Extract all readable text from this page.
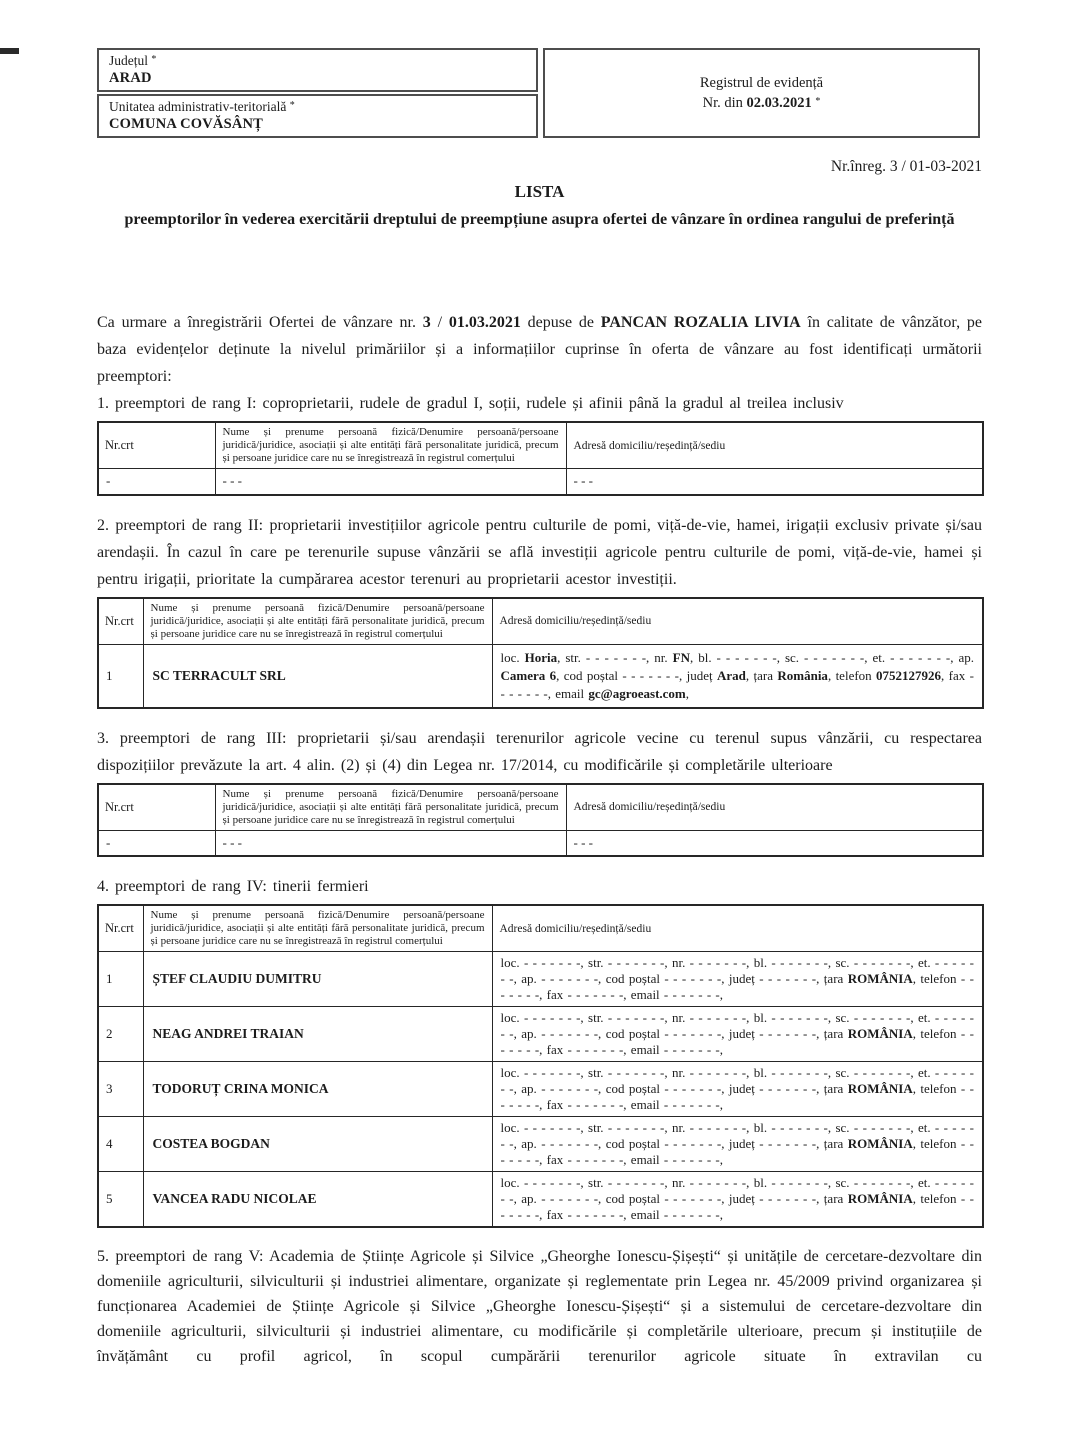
Județul *
ARAD
Unitatea administrativ-teritorială *
COMUNA COVĂSÂNȚ
Registrul de evidență
Nr. din 02.03.2021 *
Nr.înreg. 3 / 01-03-2021
LISTA
preemptorilor în vederea exercitării dreptului de preempțiune asupra ofertei de vânzare în ordinea rangului de preferință

Ca urmare a înregistrării Ofertei de vânzare nr. 3 / 01.03.2021 depuse de PANCAN ROZALIA LIVIA în calitate de vânzător, pe baza evidențelor deținute la nivelul primăriilor și a informațiilor cuprinse în oferta de vânzare au fost identificați următorii preemptori:

1. preemptori de rang I: coproprietarii, rudele de gradul I, soții, rudele și afinii până la gradul al treilea inclusiv

Nr.crt	Nume și prenume persoană fizică/Denumire persoană/persoane juridică/juridice, asociații și alte entități fără personalitate juridică, precum și persoane juridice care nu se înregistrează în registrul comerțului	Adresă domiciliu/reședință/sediu
-	- - -	- - -

2. preemptori de rang II: proprietarii investițiilor agricole pentru culturile de pomi, viță-de-vie, hamei, irigații exclusiv private și/sau arendașii. În cazul în care pe terenurile supuse vânzării se află investiții agricole pentru culturile de pomi, viță-de-vie, hamei și pentru irigații, prioritate la cumpărarea acestor terenuri au proprietarii acestor investiții.

Nr.crt	Nume și prenume persoană fizică/Denumire persoană/persoane juridică/juridice, asociații și alte entități fără personalitate juridică, precum și persoane juridice care nu se înregistrează în registrul comerțului	Adresă domiciliu/reședință/sediu
1	SC TERRACULT SRL	loc. Horia, str. - - - - - - -, nr. FN, bl. - - - - - - -, sc. - - - - - - -, et. - - - - - - -, ap. Camera 6, cod poștal - - - - - - -, județ Arad, țara România, telefon 0752127926, fax - - - - - - -, email gc@agroeast.com,

3. preemptori de rang III: proprietarii și/sau arendașii terenurilor agricole vecine cu terenul supus vânzării, cu respectarea dispozițiilor prevăzute la art. 4 alin. (2) și (4) din Legea nr. 17/2014, cu modificările și completările ulterioare

Nr.crt	Nume și prenume persoană fizică/Denumire persoană/persoane juridică/juridice, asociații și alte entități fără personalitate juridică, precum și persoane juridice care nu se înregistrează în registrul comerțului	Adresă domiciliu/reședință/sediu
-	- - -	- - -

4. preemptori de rang IV: tinerii fermieri

Nr.crt	Nume și prenume persoană fizică/Denumire persoană/persoane juridică/juridice, asociații și alte entități fără personalitate juridică, precum și persoane juridice care nu se înregistrează în registrul comerțului	Adresă domiciliu/reședință/sediu
1	ȘTEF CLAUDIU DUMITRU	loc. - - - - - - -, str. - - - - - - -, nr. - - - - - - -, bl. - - - - - - -, sc. - - - - - - -, et. - - - - - - -, ap. - - - - - - -, cod poștal - - - - - - -, județ - - - - - - -, țara ROMÂNIA, telefon - - - - - - -, fax - - - - - - -, email - - - - - - -,
2	NEAG ANDREI TRAIAN	loc. - - - - - - -, str. - - - - - - -, nr. - - - - - - -, bl. - - - - - - -, sc. - - - - - - -, et. - - - - - - -, ap. - - - - - - -, cod poștal - - - - - - -, județ - - - - - - -, țara ROMÂNIA, telefon - - - - - - -, fax - - - - - - -, email - - - - - - -,
3	TODORUȚ CRINA MONICA	loc. - - - - - - -, str. - - - - - - -, nr. - - - - - - -, bl. - - - - - - -, sc. - - - - - - -, et. - - - - - - -, ap. - - - - - - -, cod poștal - - - - - - -, județ - - - - - - -, țara ROMÂNIA, telefon - - - - - - -, fax - - - - - - -, email - - - - - - -,
4	COSTEA BOGDAN	loc. - - - - - - -, str. - - - - - - -, nr. - - - - - - -, bl. - - - - - - -, sc. - - - - - - -, et. - - - - - - -, ap. - - - - - - -, cod poștal - - - - - - -, județ - - - - - - -, țara ROMÂNIA, telefon - - - - - - -, fax - - - - - - -, email - - - - - - -,
5	VANCEA RADU NICOLAE	loc. - - - - - - -, str. - - - - - - -, nr. - - - - - - -, bl. - - - - - - -, sc. - - - - - - -, et. - - - - - - -, ap. - - - - - - -, cod poștal - - - - - - -, județ - - - - - - -, țara ROMÂNIA, telefon - - - - - - -, fax - - - - - - -, email - - - - - - -,

5. preemptori de rang V: Academia de Științe Agricole și Silvice „Gheorghe Ionescu-Șișești“ și unitățile de cercetare-dezvoltare din domeniile agriculturii, silviculturii și industriei alimentare, organizate și reglementate prin Legea nr. 45/2009 privind organizarea și funcționarea Academiei de Științe Agricole și Silvice „Gheorghe Ionescu-Șișești“ și a sistemului de cercetare-dezvoltare din domeniile agriculturii, silviculturii și industriei alimentare, cu modificările și completările ulterioare, precum și instituțiile de învățământ cu profil agricol, în scopul cumpărării terenurilor agricole situate în extravilan cu
